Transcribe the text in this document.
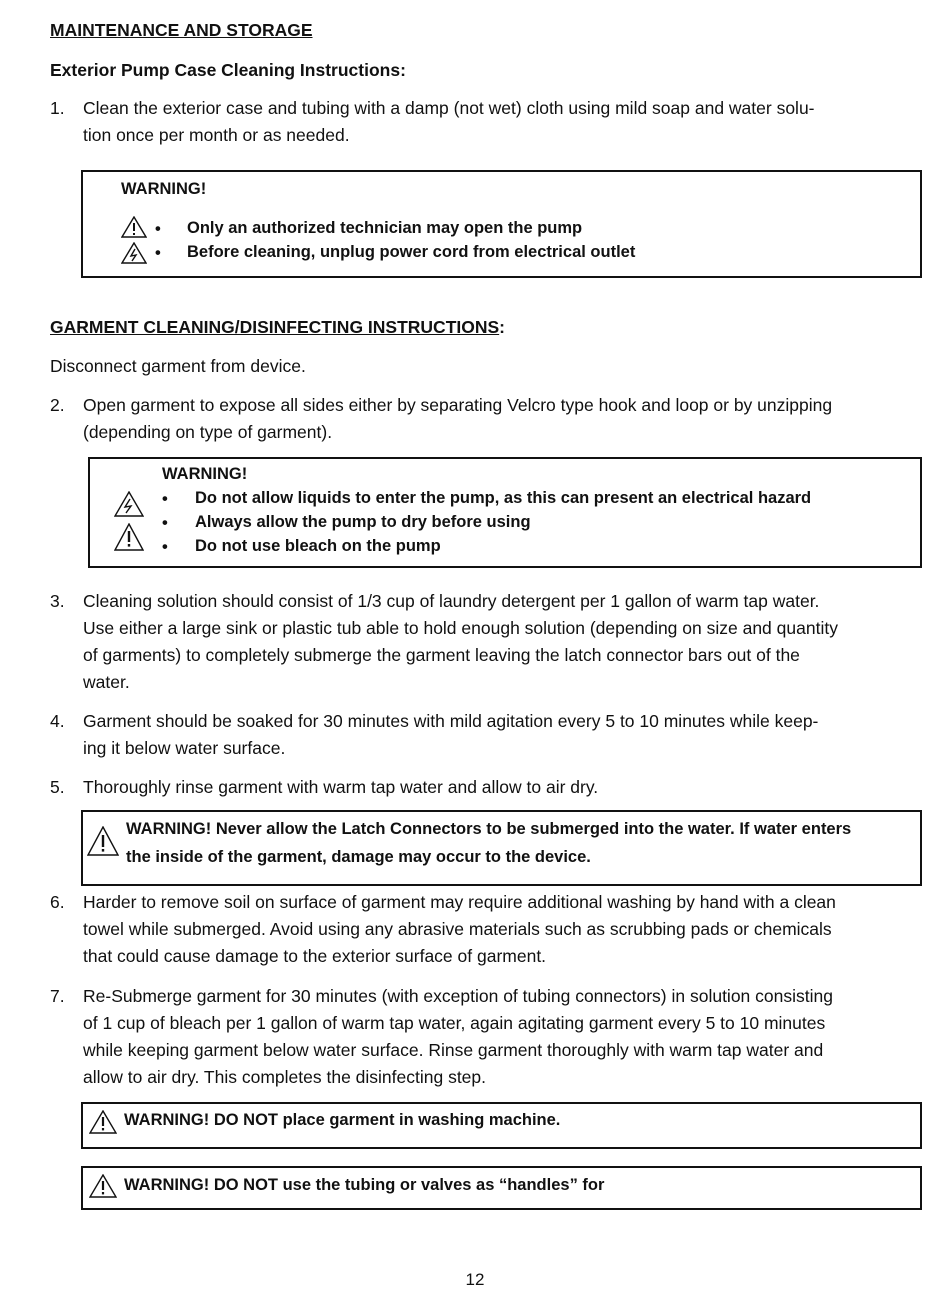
MAINTENANCE AND STORAGE
Exterior Pump Case Cleaning Instructions:
1. Clean the exterior case and tubing with a damp (not wet) cloth using mild soap and water solu-
tion once per month or as needed.
WARNING!
• Only an authorized technician may open the pump
• Before cleaning, unplug power cord from electrical outlet
GARMENT CLEANING/DISINFECTING INSTRUCTIONS:
Disconnect garment from device.
2. Open garment to expose all sides either by separating Velcro type hook and loop or by unzipping
(depending on type of garment).
WARNING!
• Do not allow liquids to enter the pump, as this can present an electrical hazard
• Always allow the pump to dry before using
• Do not use bleach on the pump
3. Cleaning solution should consist of 1/3 cup of laundry detergent per 1 gallon of warm tap water.
Use either a large sink or plastic tub able to hold enough solution (depending on size and quantity
of garments) to completely submerge the garment leaving the latch connector bars out of the
water.
4. Garment should be soaked for 30 minutes with mild agitation every 5 to 10 minutes while keep-
ing it below water surface.
5. Thoroughly rinse garment with warm tap water and allow to air dry.
WARNING! Never allow the Latch Connectors to be submerged into the water. If water enters
the inside of the garment, damage may occur to the device.
6. Harder to remove soil on surface of garment may require additional washing by hand with a clean
towel while submerged. Avoid using any abrasive materials such as scrubbing pads or chemicals
that could cause damage to the exterior surface of garment.
7. Re-Submerge garment for 30 minutes (with exception of tubing connectors) in solution consisting
of 1 cup of bleach per 1 gallon of warm tap water, again agitating garment every 5 to 10 minutes
while keeping garment below water surface. Rinse garment thoroughly with warm tap water and
allow to air dry. This completes the disinfecting step.
WARNING! DO NOT place garment in washing machine.
WARNING! DO NOT use the tubing or valves as “handles” for
12
